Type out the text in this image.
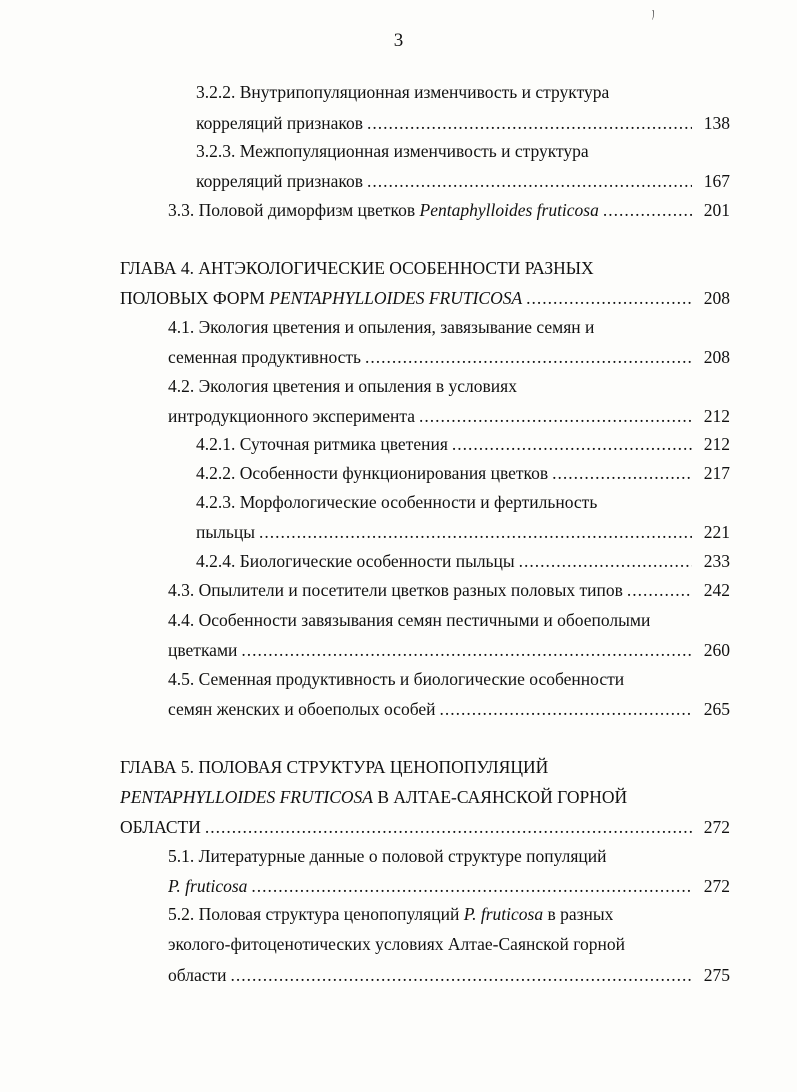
3
ﾉ
3.2.2. Внутрипопуляционная изменчивость и структура
корреляций признаков .....	138
3.2.3. Межпопуляционная изменчивость и структура
корреляций признаков .....	167
3.3. Половой диморфизм цветков Pentaphylloides fruticosa .....	201
ГЛАВА 4. АНТЭКОЛОГИЧЕСКИЕ ОСОБЕННОСТИ РАЗНЫХ
ПОЛОВЫХ ФОРМ PENTAPHYLLOIDES FRUTICOSA .....	208
4.1. Экология цветения и опыления, завязывание семян и
семенная продуктивность .....	208
4.2. Экология цветения и опыления в условиях
интродукционного эксперимента .....	212
4.2.1. Суточная ритмика цветения .....	212
4.2.2. Особенности функционирования цветков .....	217
4.2.3. Морфологические особенности и фертильность
пыльцы .....	221
4.2.4. Биологические особенности пыльцы .....	233
4.3. Опылители и посетители цветков разных половых типов .....	242
4.4. Особенности завязывания семян пестичными и обоеполыми
цветками .....	260
4.5. Семенная продуктивность и биологические особенности
семян женских и обоеполых особей .....	265
ГЛАВА 5. ПОЛОВАЯ СТРУКТУРА ЦЕНОПОПУЛЯЦИЙ
PENTAPHYLLOIDES FRUTICOSA В АЛТАЕ-САЯНСКОЙ ГОРНОЙ
ОБЛАСТИ .....	272
5.1. Литературные данные о половой структуре популяций
P. fruticosa .....	272
5.2. Половая структура ценопопуляций P. fruticosa в разных
эколого-фитоценотических условиях Алтае-Саянской горной
области .....	275
